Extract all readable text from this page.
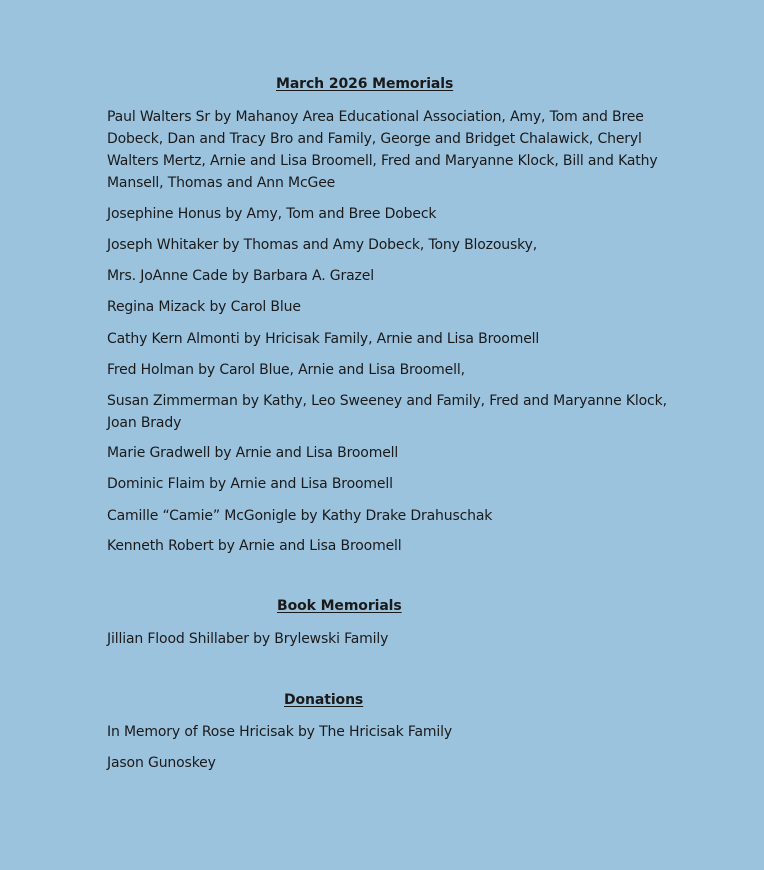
March 2026 Memorials
Paul Walters Sr by Mahanoy Area Educational Association, Amy, Tom and Bree Dobeck, Dan and Tracy Bro and Family, George and Bridget Chalawick, Cheryl Walters Mertz, Arnie and Lisa Broomell, Fred and Maryanne Klock, Bill and Kathy Mansell, Thomas and Ann McGee
Josephine Honus by Amy, Tom and Bree Dobeck
Joseph Whitaker by Thomas and Amy Dobeck, Tony Blozousky,
Mrs. JoAnne Cade by Barbara A. Grazel
Regina Mizack by Carol Blue
Cathy Kern Almonti by Hricisak Family, Arnie and Lisa Broomell
Fred Holman by Carol Blue, Arnie and Lisa Broomell,
Susan Zimmerman by Kathy, Leo Sweeney and Family, Fred and Maryanne Klock, Joan Brady
Marie Gradwell by Arnie and Lisa Broomell
Dominic Flaim by Arnie and Lisa Broomell
Camille “Camie” McGonigle by Kathy Drake Drahuschak
Kenneth Robert by Arnie and Lisa Broomell
Book Memorials
Jillian Flood Shillaber by Brylewski Family
Donations
In Memory of Rose Hricisak by The Hricisak Family
Jason Gunoskey
